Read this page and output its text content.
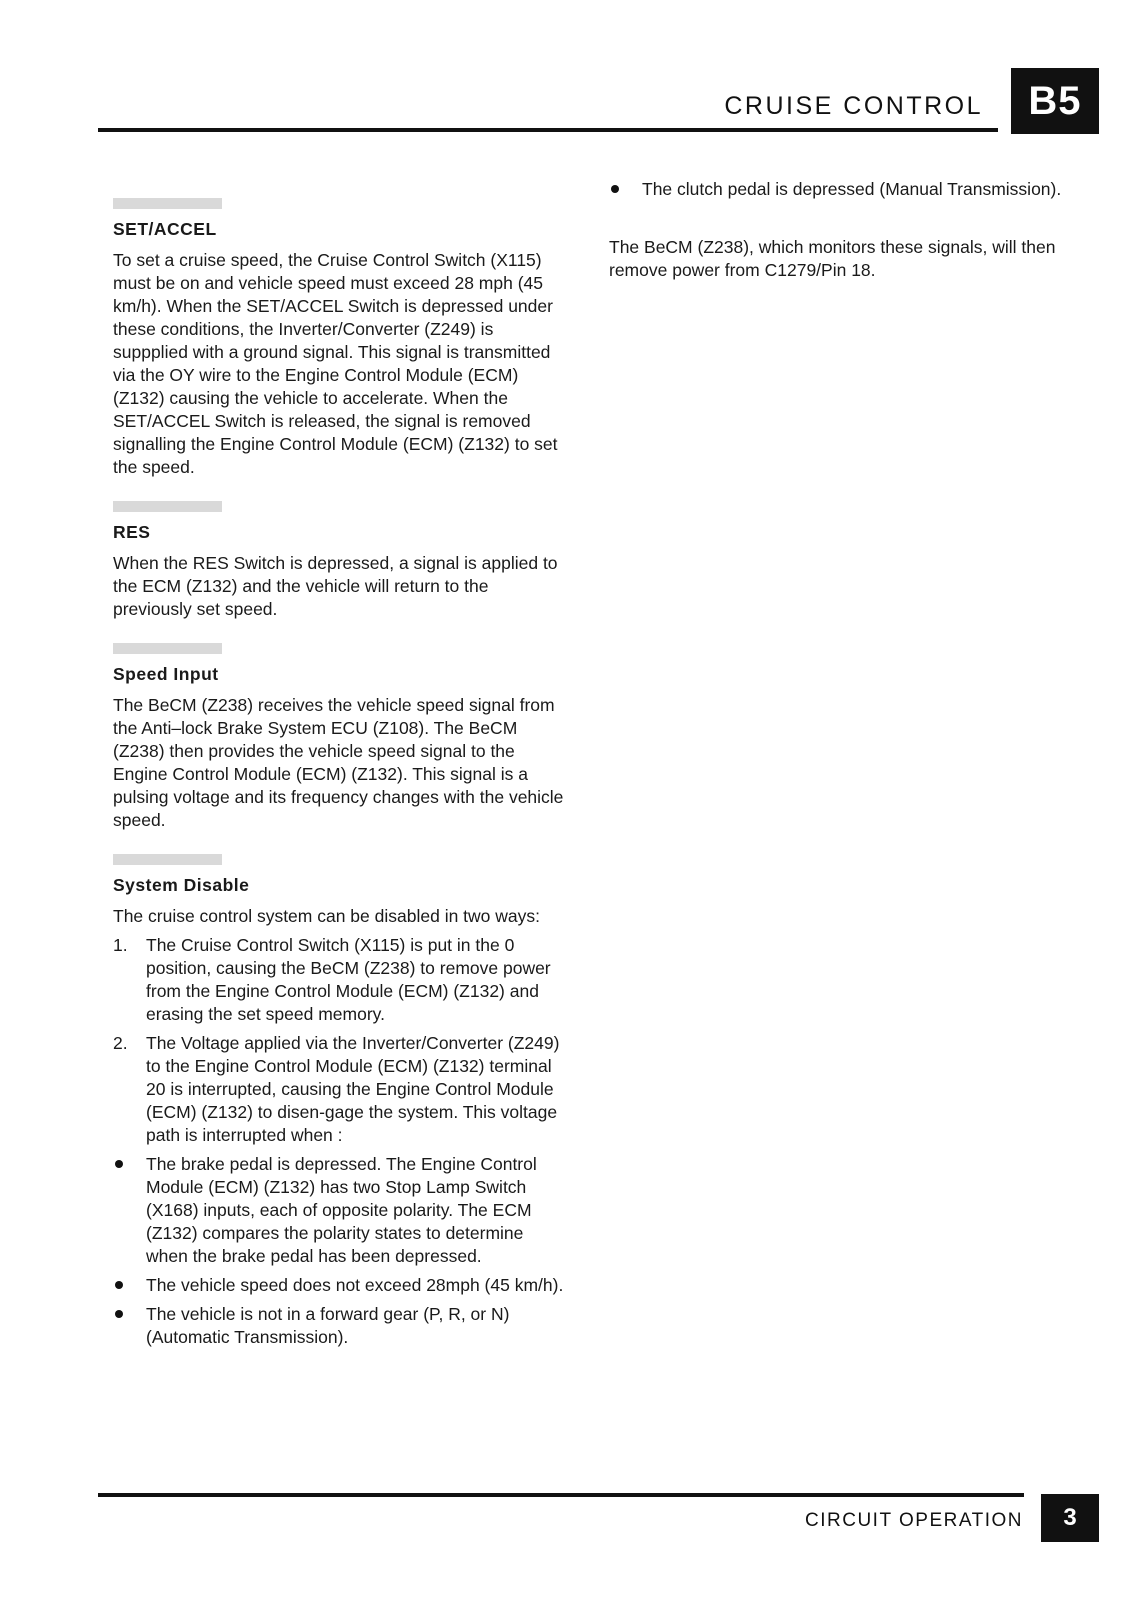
CRUISE CONTROL	B5
SET/ACCEL

To set a cruise speed, the Cruise Control Switch (X115) must be on and vehicle speed must exceed 28 mph (45 km/h). When the SET/ACCEL Switch is depressed under these conditions, the Inverter/Converter (Z249) is suppplied with a ground signal. This signal is transmitted via the OY wire to the Engine Control Module (ECM) (Z132) causing the vehicle to accelerate. When the SET/ACCEL Switch is released, the signal is removed signalling the Engine Control Module (ECM) (Z132) to set the speed.

RES

When the RES Switch is depressed, a signal is applied to the ECM (Z132) and the vehicle will return to the previously set speed.

Speed Input

The BeCM (Z238) receives the vehicle speed signal from the Anti–lock Brake System ECU (Z108). The BeCM (Z238) then provides the vehicle speed signal to the Engine Control Module (ECM) (Z132). This signal is a pulsing voltage and its frequency changes with the vehicle speed.

System Disable

The cruise control system can be disabled in two ways:

1. The Cruise Control Switch (X115) is put in the 0 position, causing the BeCM (Z238) to remove power from the Engine Control Module (ECM) (Z132) and erasing the set speed memory.
2. The Voltage applied via the Inverter/Converter (Z249) to the Engine Control Module (ECM) (Z132) terminal 20 is interrupted, causing the Engine Control Module (ECM) (Z132) to disen-gage the system. This voltage path is interrupted when :
The brake pedal is depressed. The Engine Control Module (ECM) (Z132) has two Stop Lamp Switch (X168) inputs, each of opposite polarity. The ECM (Z132) compares the polarity states to determine when the brake pedal has been depressed.
The vehicle speed does not exceed 28mph (45 km/h).
The vehicle is not in a forward gear (P, R, or N) (Automatic Transmission).
The clutch pedal is depressed (Manual Transmission).

The BeCM (Z238), which monitors these signals, will then remove power from C1279/Pin 18.

CIRCUIT OPERATION	3
